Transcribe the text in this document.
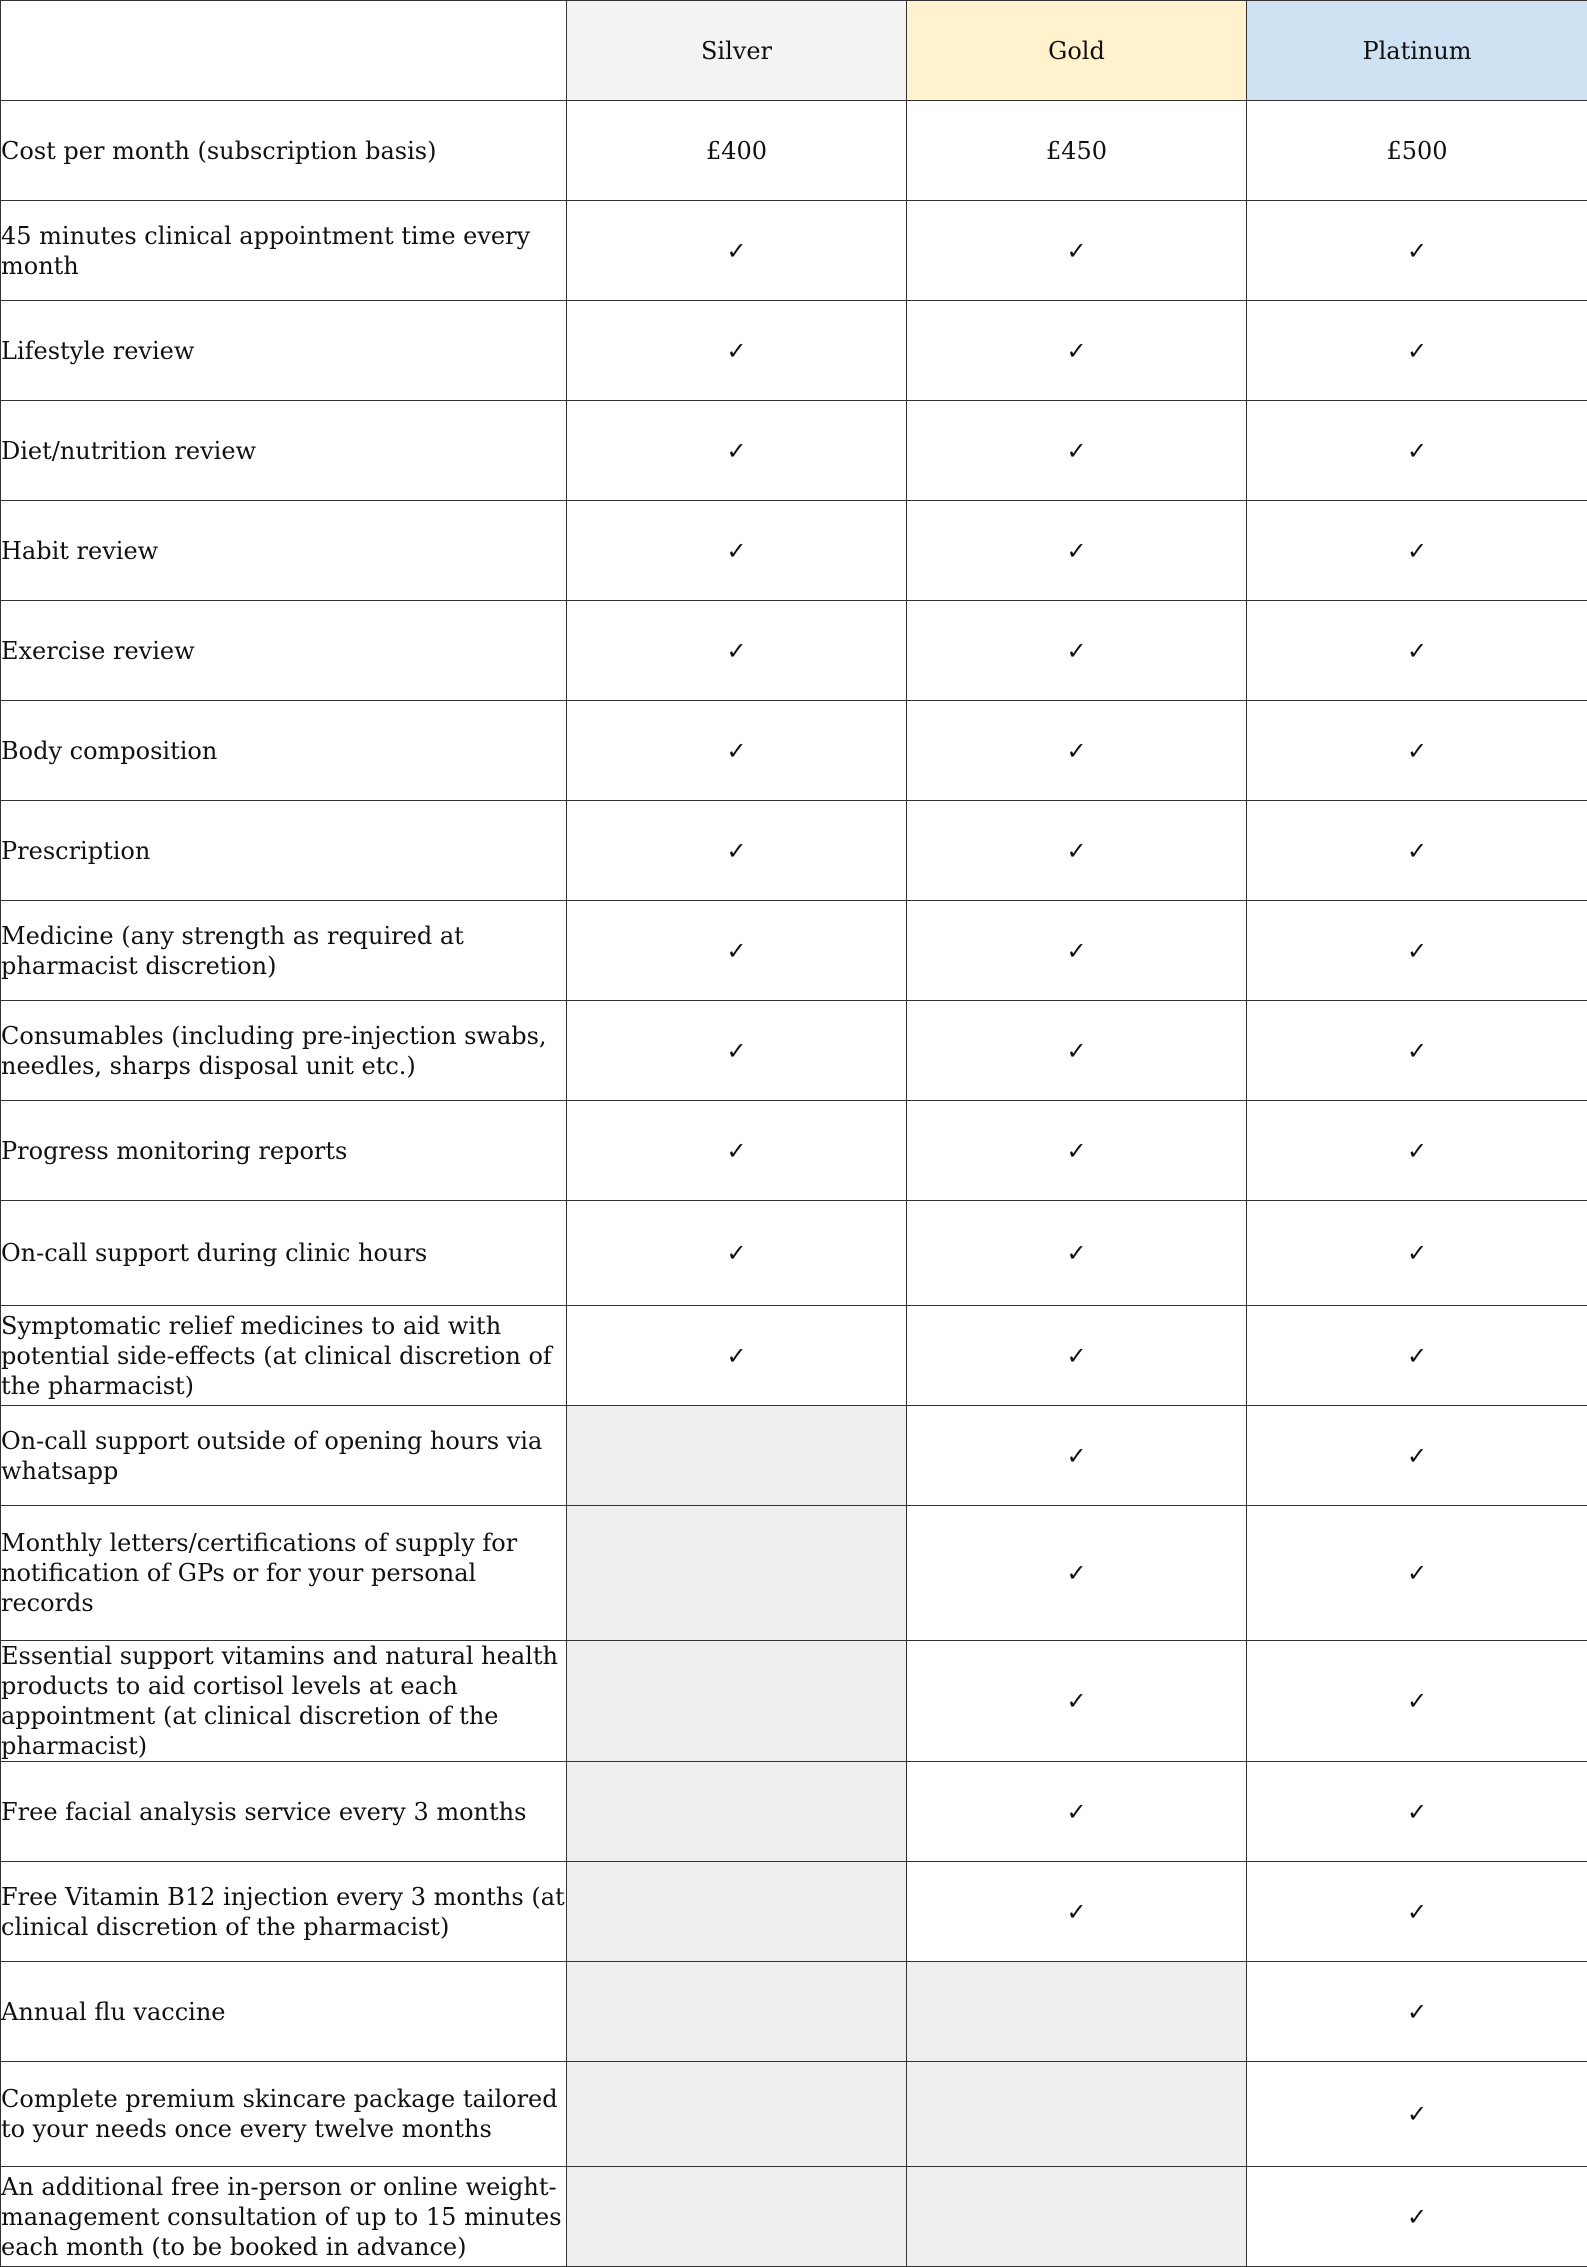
	Silver	Gold	Platinum
Cost per month (subscription basis)	£400	£450	£500
45 minutes clinical appointment time every month	✓	✓	✓
Lifestyle review	✓	✓	✓
Diet/nutrition review	✓	✓	✓
Habit review	✓	✓	✓
Exercise review	✓	✓	✓
Body composition	✓	✓	✓
Prescription	✓	✓	✓
Medicine (any strength as required at pharmacist discretion)	✓	✓	✓
Consumables (including pre-injection swabs, needles, sharps disposal unit etc.)	✓	✓	✓
Progress monitoring reports	✓	✓	✓
On-call support during clinic hours	✓	✓	✓
Symptomatic relief medicines to aid with potential side-effects (at clinical discretion of the pharmacist)	✓	✓	✓
On-call support outside of opening hours via whatsapp		✓	✓
Monthly letters/certifications of supply for notification of GPs or for your personal records		✓	✓
Essential support vitamins and natural health products to aid cortisol levels at each appointment (at clinical discretion of the pharmacist)		✓	✓
Free facial analysis service every 3 months		✓	✓
Free Vitamin B12 injection every 3 months (at clinical discretion of the pharmacist)		✓	✓
Annual flu vaccine			✓
Complete premium skincare package tailored to your needs once every twelve months			✓
An additional free in-person or online weight-management consultation of up to 15 minutes each month (to be booked in advance)			✓
